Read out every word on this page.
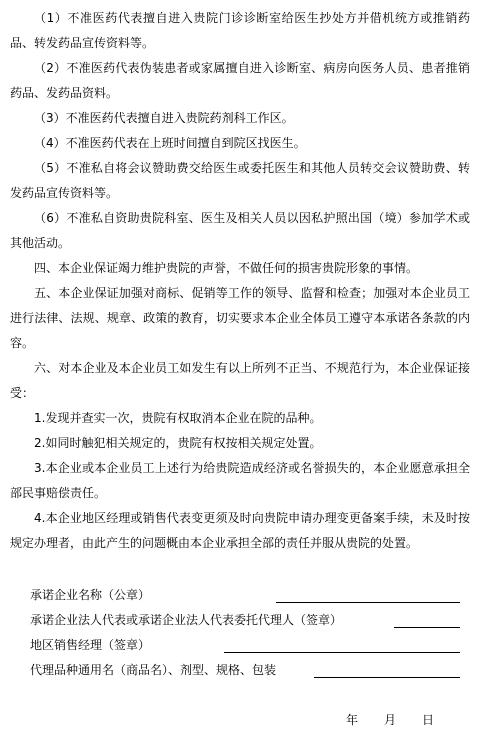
（1）不准医药代表擅自进入贵院门诊诊断室给医生抄处方并借机统方或推销药品、转发药品宣传资料等。

（2）不准医药代表伪装患者或家属擅自进入诊断室、病房向医务人员、患者推销药品、发药品资料。

（3）不准医药代表擅自进入贵院药剂科工作区。

（4）不准医药代表在上班时间擅自到院区找医生。

（5）不准私自将会议赞助费交给医生或委托医生和其他人员转交会议赞助费、转发药品宣传资料等。

（6）不准私自资助贵院科室、医生及相关人员以因私护照出国（境）参加学术或其他活动。

四、本企业保证竭力维护贵院的声誉，不做任何的损害贵院形象的事情。

五、本企业保证加强对商标、促销等工作的领导、监督和检查；加强对本企业员工进行法律、法规、规章、政策的教育，切实要求本企业全体员工遵守本承诺各条款的内容。

六、对本企业及本企业员工如发生有以上所列不正当、不规范行为，本企业保证接受：

1.发现并查实一次，贵院有权取消本企业在院的品种。

2.如同时触犯相关规定的，贵院有权按相关规定处置。

3.本企业或本企业员工上述行为给贵院造成经济或名誉损失的，本企业愿意承担全部民事赔偿责任。

4.本企业地区经理或销售代表变更须及时向贵院申请办理变更备案手续，未及时按规定办理者，由此产生的问题概由本企业承担全部的责任并服从贵院的处置。

承诺企业名称（公章）
承诺企业法人代表或承诺企业法人代表委托代理人（签章）
地区销售经理（签章）
代理品种通用名（商品名）、剂型、规格、包装
年 月 日
